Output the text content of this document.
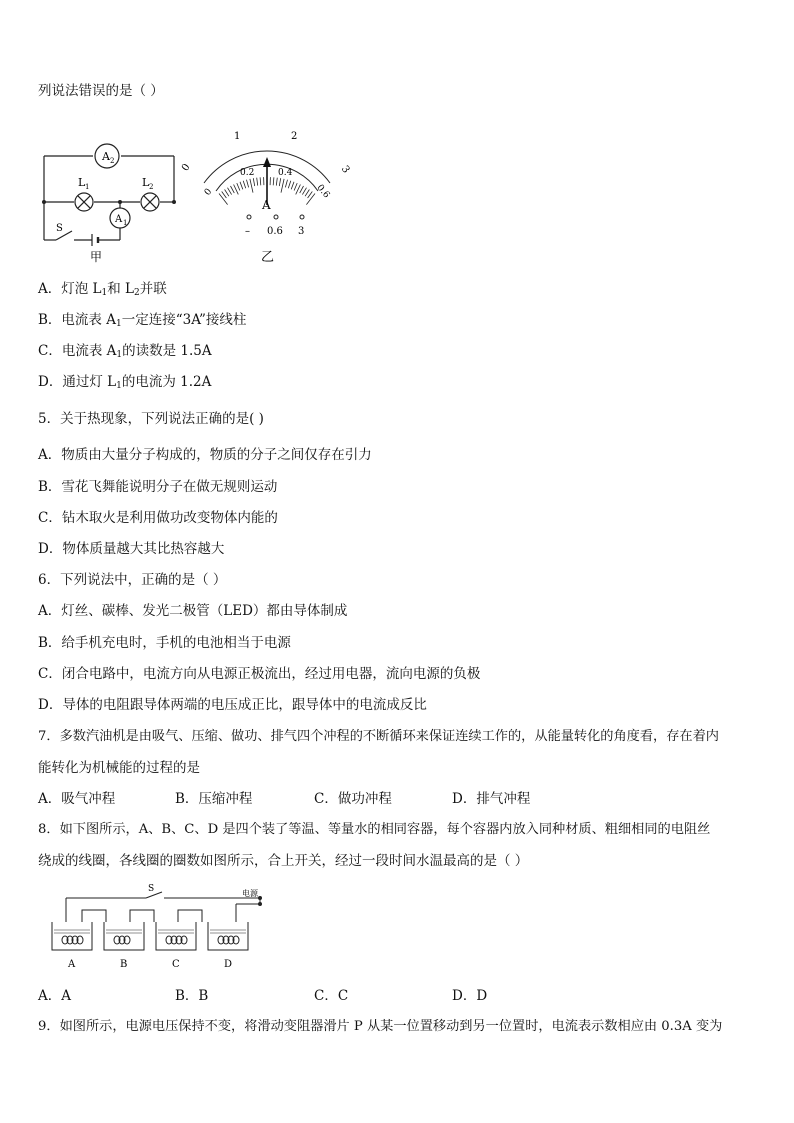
列说法错误的是（ ）
A 2
A 1
L 1	L 2
S
甲
0
1	2
3
0
0.2	0.4
0.6
A
– 0.6 3
乙
A．灯泡 $L_1$和 $L_2$并联
B．电流表 $A_1$一定连接“3A”接线柱
C．电流表 $A_1$的读数是 1.5A
D．通过灯 $L_1$的电流为 1.2A
5．关于热现象，下列说法正确的是( )
A．物质由大量分子构成的，物质的分子之间仅存在引力
B．雪花飞舞能说明分子在做无规则运动
C．钻木取火是利用做功改变物体内能的
D．物体质量越大其比热容越大
6．下列说法中，正确的是（ ）
A．灯丝、碳棒、发光二极管（LED）都由导体制成
B．给手机充电时，手机的电池相当于电源
C．闭合电路中，电流方向从电源正极流出，经过用电器，流向电源的负极
D．导体的电阻跟导体两端的电压成正比，跟导体中的电流成反比
7．多数汽油机是由吸气、压缩、做功、排气四个冲程的不断循环来保证连续工作的，从能量转化的角度看，存在着内
能转化为机械能的过程的是
A．吸气冲程	B．压缩冲程	C．做功冲程	D．排气冲程
8．如下图所示，A、B、C、D 是四个装了等温、等量水的相同容器，每个容器内放入同种材质、粗细相同的电阻丝
绕成的线圈，各线圈的圈数如图所示，合上开关，经过一段时间水温最高的是（ ）
S	电源
A	B	C	D
A．A	B．B	C．C	D．D
9．如图所示，电源电压保持不变，将滑动变阻器滑片 P 从某一位置移动到另一位置时，电流表示数相应由 0.3A 变为
